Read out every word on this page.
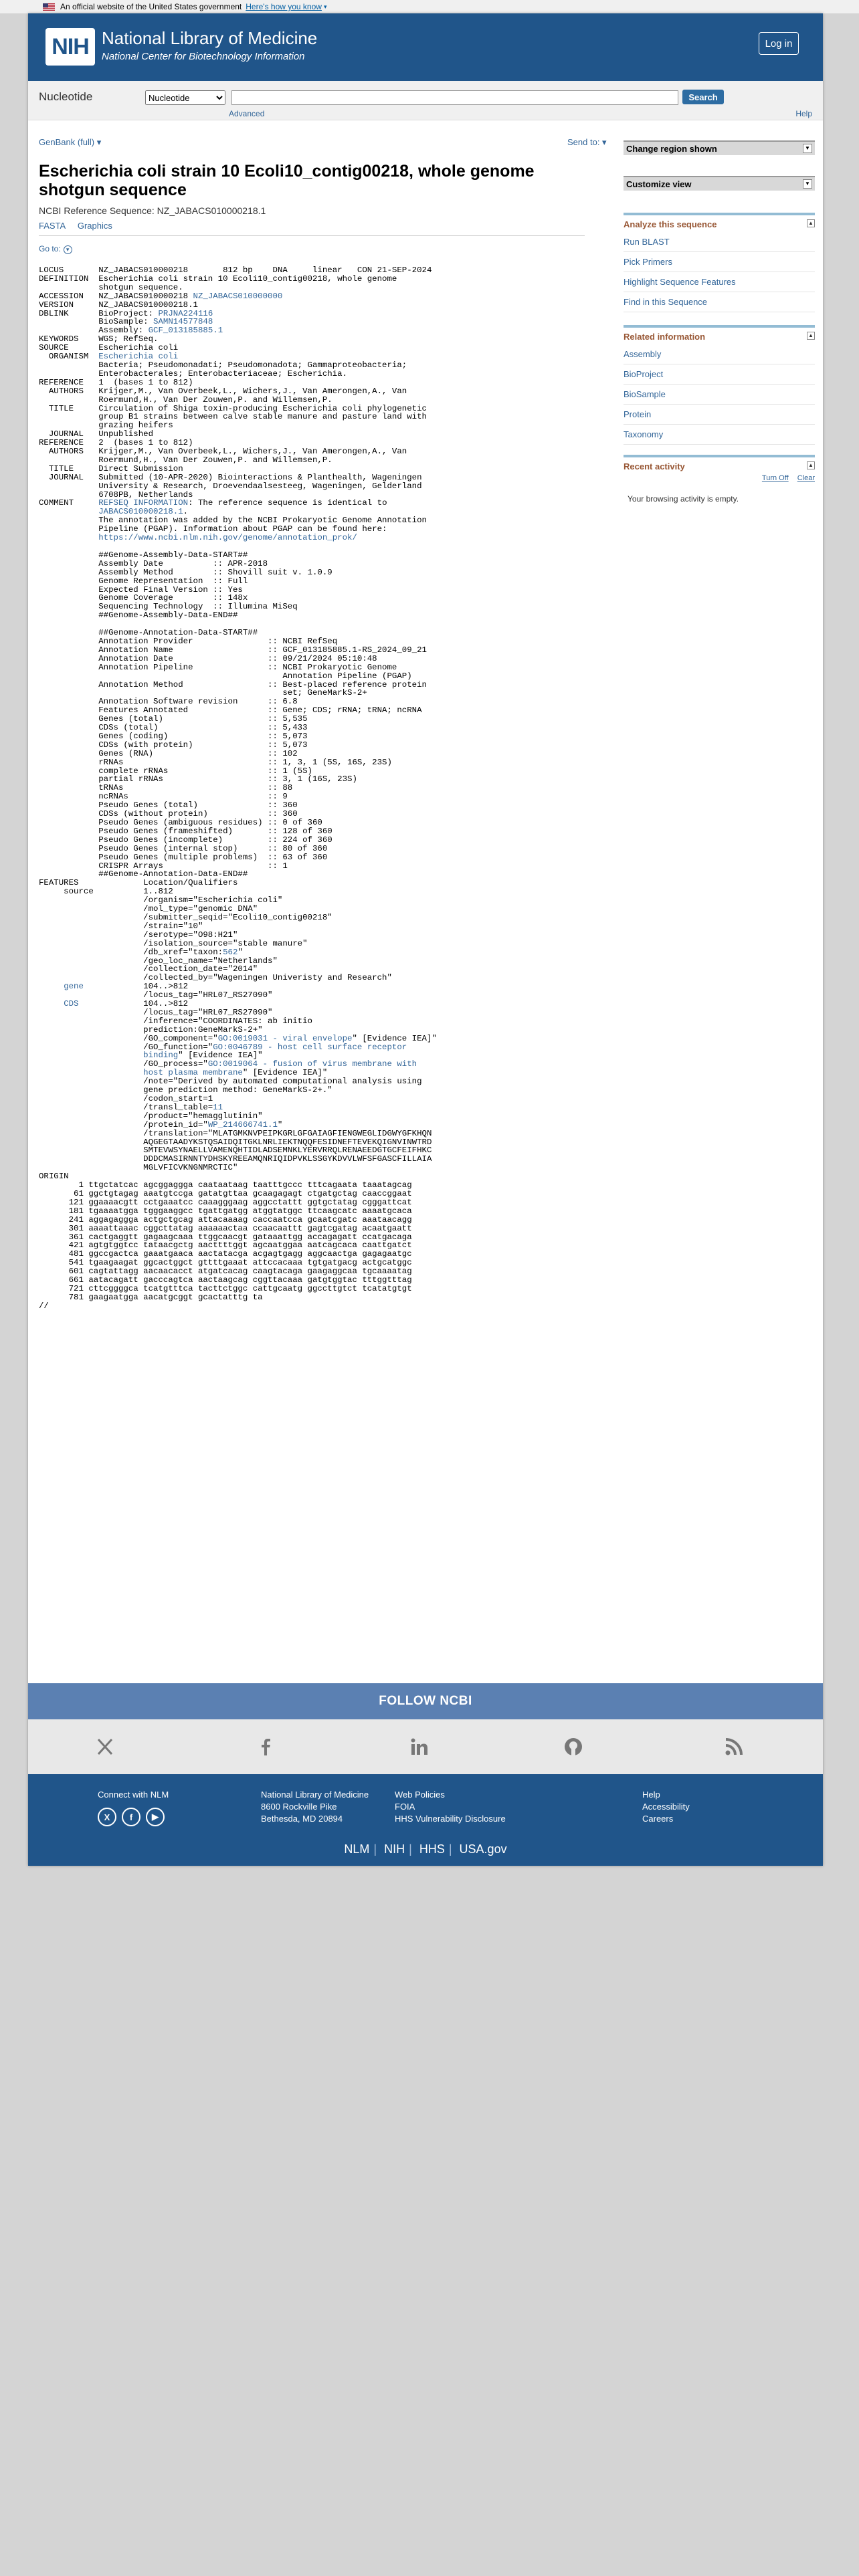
An official website of the United States government Here's how you know ▾
NIH National Library of Medicine
National Center for Biotechnology Information
Log in
Nucleotide
Nucleotide	Search
Advanced	Help
GenBank (full) ▾	Send to: ▾
Escherichia coli strain 10 Ecoli10_contig00218, whole genome shotgun sequence
NCBI Reference Sequence: NZ_JABACS010000218.1
FASTA Graphics
Go to: ▾
LOCUS       NZ_JABACS010000218       812 bp    DNA     linear   CON 21-SEP-2024
DEFINITION  Escherichia coli strain 10 Ecoli10_contig00218, whole genome
shotgun sequence.
ACCESSION   NZ_JABACS010000218 NZ_JABACS010000000
VERSION     NZ_JABACS010000218.1
DBLINK      BioProject: PRJNA224116
BioSample: SAMN14577848
Assembly: GCF_013185885.1
KEYWORDS    WGS; RefSeq.
SOURCE      Escherichia coli
ORGANISM  Escherichia coli
Bacteria; Pseudomonadati; Pseudomonadota; Gammaproteobacteria;
Enterobacterales; Enterobacteriaceae; Escherichia.
REFERENCE   1  (bases 1 to 812)
AUTHORS   Krijger,M., Van Overbeek,L., Wichers,J., Van Amerongen,A., Van
Roermund,H., Van Der Zouwen,P. and Willemsen,P.
TITLE     Circulation of Shiga toxin-producing Escherichia coli phylogenetic
group B1 strains between calve stable manure and pasture land with
grazing heifers
JOURNAL   Unpublished
REFERENCE   2  (bases 1 to 812)
AUTHORS   Krijger,M., Van Overbeek,L., Wichers,J., Van Amerongen,A., Van
Roermund,H., Van Der Zouwen,P. and Willemsen,P.
TITLE     Direct Submission
JOURNAL   Submitted (10-APR-2020) Biointeractions & Planthealth, Wageningen
University & Research, Droevendaalsesteeg, Wageningen, Gelderland
6708PB, Netherlands
COMMENT     REFSEQ INFORMATION: The reference sequence is identical to
JABACS010000218.1.
The annotation was added by the NCBI Prokaryotic Genome Annotation
Pipeline (PGAP). Information about PGAP can be found here:
https://www.ncbi.nlm.nih.gov/genome/annotation_prok/

##Genome-Assembly-Data-START##
Assembly Date          :: APR-2018
Assembly Method        :: Shovill suit v. 1.0.9
Genome Representation  :: Full
Expected Final Version :: Yes
Genome Coverage        :: 148x
Sequencing Technology  :: Illumina MiSeq
##Genome-Assembly-Data-END##

##Genome-Annotation-Data-START##
Annotation Provider               :: NCBI RefSeq
Annotation Name                   :: GCF_013185885.1-RS_2024_09_21
Annotation Date                   :: 09/21/2024 05:10:48
Annotation Pipeline               :: NCBI Prokaryotic Genome
Annotation Pipeline (PGAP)
Annotation Method                 :: Best-placed reference protein
set; GeneMarkS-2+
Annotation Software revision      :: 6.8
Features Annotated                :: Gene; CDS; rRNA; tRNA; ncRNA
Genes (total)                     :: 5,535
CDSs (total)                      :: 5,433
Genes (coding)                    :: 5,073
CDSs (with protein)               :: 5,073
Genes (RNA)                       :: 102
rRNAs                             :: 1, 3, 1 (5S, 16S, 23S)
complete rRNAs                    :: 1 (5S)
partial rRNAs                     :: 3, 1 (16S, 23S)
tRNAs                             :: 88
ncRNAs                            :: 9
Pseudo Genes (total)              :: 360
CDSs (without protein)            :: 360
Pseudo Genes (ambiguous residues) :: 0 of 360
Pseudo Genes (frameshifted)       :: 128 of 360
Pseudo Genes (incomplete)         :: 224 of 360
Pseudo Genes (internal stop)      :: 80 of 360
Pseudo Genes (multiple problems)  :: 63 of 360
CRISPR Arrays                     :: 1
##Genome-Annotation-Data-END##
FEATURES             Location/Qualifiers
source          1..812
/organism="Escherichia coli"
/mol_type="genomic DNA"
/submitter_seqid="Ecoli10_contig00218"
/strain="10"
/serotype="O98:H21"
/isolation_source="stable manure"
/db_xref="taxon:562"
/geo_loc_name="Netherlands"
/collection_date="2014"
/collected_by="Wageningen Univeristy and Research"
gene	104..>812
/locus_tag="HRL07_RS27090"
CDS	104..>812
/locus_tag="HRL07_RS27090"
/inference="COORDINATES: ab initio
prediction:GeneMarkS-2+"
/GO_component="GO:0019031 - viral envelope" [Evidence IEA]"
/GO_function="GO:0046789 - host cell surface receptor
binding" [Evidence IEA]"
/GO_process="GO:0019064 - fusion of virus membrane with
host plasma membrane" [Evidence IEA]"
/note="Derived by automated computational analysis using
gene prediction method: GeneMarkS-2+."
/codon_start=1
/transl_table=11
/product="hemagglutinin"
/protein_id="WP_214666741.1"
/translation="MLATGMKNVPEIPKGRLGFGAIAGFIENGWEGLIDGWYGFKHQN
AQGEGTAADYKSTQSAIDQITGKLNRLIEKTNQQFESIDNEFTEVEKQIGNVINWTRD
SMTEVWSYNAELLVAMENQHTIDLADSEMNKLYERVRRQLRENAEEDGTGCFEIFHKC
DDDCMASIRNNTYDHSKYREEAMQNRIQIDPVKLSSGYKDVVLWFSFGASCFILLAIA
MGLVFICVKNGNMRCTIC"
ORIGIN
1 ttgctatcac agcggaggga caataataag taatttgccc tttcagaata taaatagcag
61 ggctgtagag aaatgtccga gatatgttaa gcaagagagt ctgatgctag caaccggaat
121 ggaaaacgtt cctgaaatcc caaagggaag aggcctattt ggtgctatag cgggattcat
181 tgaaaatgga tgggaaggcc tgattgatgg atggtatggc ttcaagcatc aaaatgcaca
241 aggagaggga actgctgcag attacaaaag caccaatcca gcaatcgatc aaataacagg
301 aaaattaaac cggcttatag aaaaaactaa ccaacaattt gagtcgatag acaatgaatt
361 cactgaggtt gagaagcaaa ttggcaacgt gataaattgg accagagatt ccatgacaga
421 agtgtggtcc tataacgctg aacttttggt agcaatggaa aatcagcaca caattgatct
481 ggccgactca gaaatgaaca aactatacga acgagtgagg aggcaactga gagagaatgc
541 tgaagaagat ggcactggct gttttgaaat attccacaaa tgtgatgacg actgcatggc
601 cagtattagg aacaacacct atgatcacag caagtacaga gaagaggcaa tgcaaaatag
661 aatacagatt gacccagtca aactaagcag cggttacaaa gatgtggtac tttggtttag
721 cttcggggca tcatgtttca tacttctggc cattgcaatg ggccttgtct tcatatgtgt
781 gaagaatgga aacatgcggt gcactatttg ta
//
Change region shown	▼
Customize view	▼
Analyze this sequence	▲
Run BLAST
Pick Primers
Highlight Sequence Features
Find in this Sequence
Related information	▲
Assembly
BioProject
BioSample
Protein
Taxonomy
Recent activity	▲
Turn Off Clear
Your browsing activity is empty.
FOLLOW NCBI
Connect with NLM
X	f	▶
National Library of Medicine
8600 Rockville Pike
Bethesda, MD 20894
Web Policies
FOIA
HHS Vulnerability Disclosure
Help
Accessibility
Careers
NLM | NIH | HHS | USA.gov
